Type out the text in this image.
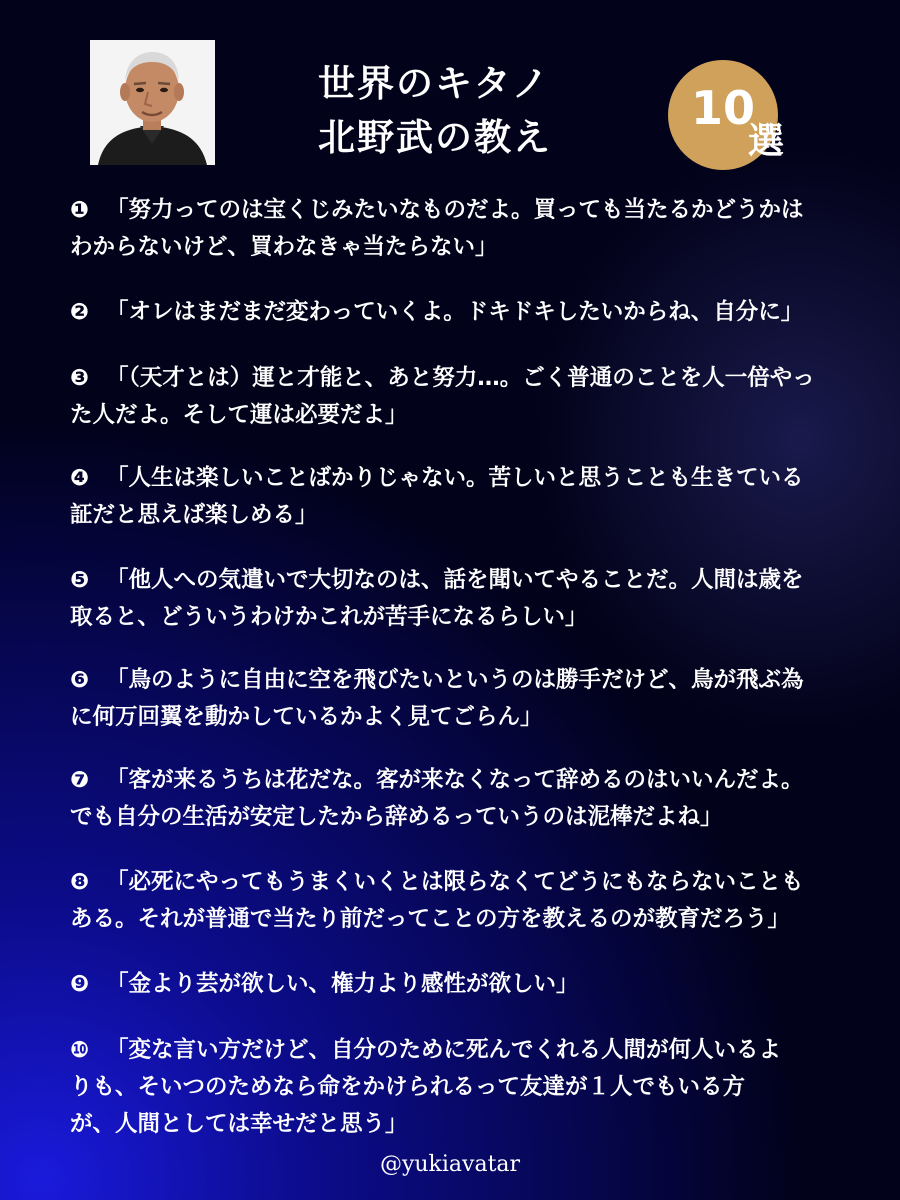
世界のキタノ
北野武の教え
10
選
❶ 「努力ってのは宝くじみたいなものだよ。買っても当たるかどうかは
わからないけど、買わなきゃ当たらない」
❷ 「オレはまだまだ変わっていくよ。ドキドキしたいからね、自分に」
❸ 「（天才とは）運と才能と、あと努力…。ごく普通のことを人一倍やっ
た人だよ。そして運は必要だよ」
❹ 「人生は楽しいことばかりじゃない。苦しいと思うことも生きている
証だと思えば楽しめる」
❺ 「他人への気遣いで大切なのは、話を聞いてやることだ。人間は歳を
取ると、どういうわけかこれが苦手になるらしい」
❻ 「鳥のように自由に空を飛びたいというのは勝手だけど、鳥が飛ぶ為
に何万回翼を動かしているかよく見てごらん」
❼ 「客が来るうちは花だな。客が来なくなって辞めるのはいいんだよ。
でも自分の生活が安定したから辞めるっていうのは泥棒だよね」
❽ 「必死にやってもうまくいくとは限らなくてどうにもならないことも
ある。それが普通で当たり前だってことの方を教えるのが教育だろう」
❾ 「金より芸が欲しい、権力より感性が欲しい」
❿ 「変な言い方だけど、自分のために死んでくれる人間が何人いるよ
りも、そいつのためなら命をかけられるって友達が１人でもいる方
が、人間としては幸せだと思う」
@yukiavatar
